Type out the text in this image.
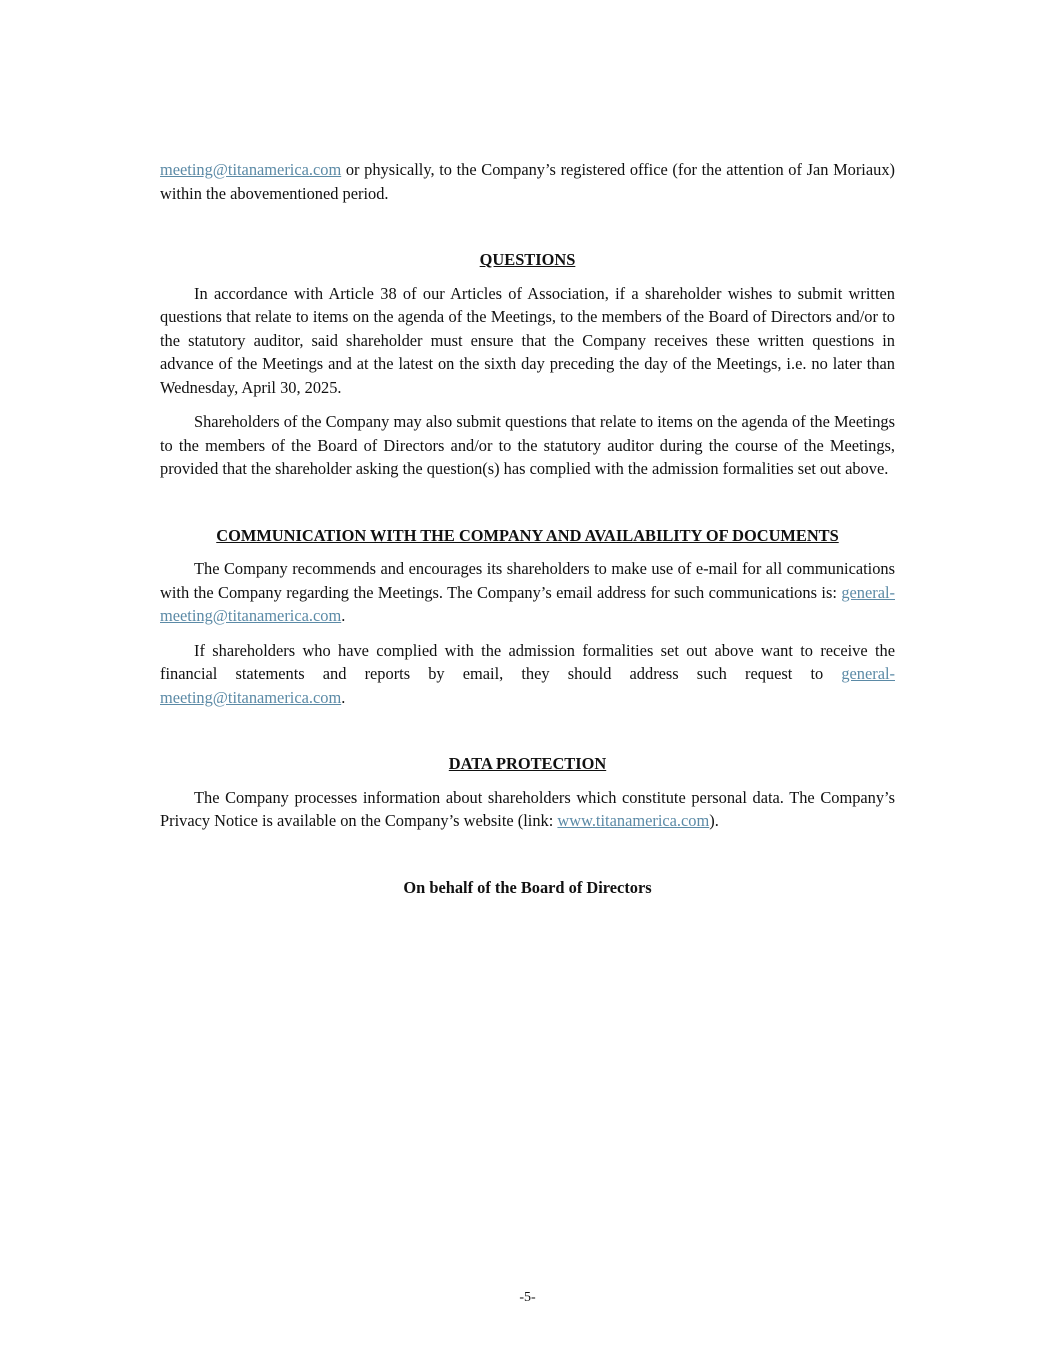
meeting@titanamerica.com or physically, to the Company’s registered office (for the attention of Jan Moriaux) within the abovementioned period.

QUESTIONS

In accordance with Article 38 of our Articles of Association, if a shareholder wishes to submit written questions that relate to items on the agenda of the Meetings, to the members of the Board of Directors and/or to the statutory auditor, said shareholder must ensure that the Company receives these written questions in advance of the Meetings and at the latest on the sixth day preceding the day of the Meetings, i.e. no later than Wednesday, April 30, 2025.

Shareholders of the Company may also submit questions that relate to items on the agenda of the Meetings to the members of the Board of Directors and/or to the statutory auditor during the course of the Meetings, provided that the shareholder asking the question(s) has complied with the admission formalities set out above.

COMMUNICATION WITH THE COMPANY AND AVAILABILITY OF DOCUMENTS

The Company recommends and encourages its shareholders to make use of e-mail for all communications with the Company regarding the Meetings. The Company’s email address for such communications is: general-meeting@titanamerica.com.

If shareholders who have complied with the admission formalities set out above want to receive the financial statements and reports by email, they should address such request to general-meeting@titanamerica.com.

DATA PROTECTION

The Company processes information about shareholders which constitute personal data. The Company’s Privacy Notice is available on the Company’s website (link: www.titanamerica.com).

On behalf of the Board of Directors
-5-
